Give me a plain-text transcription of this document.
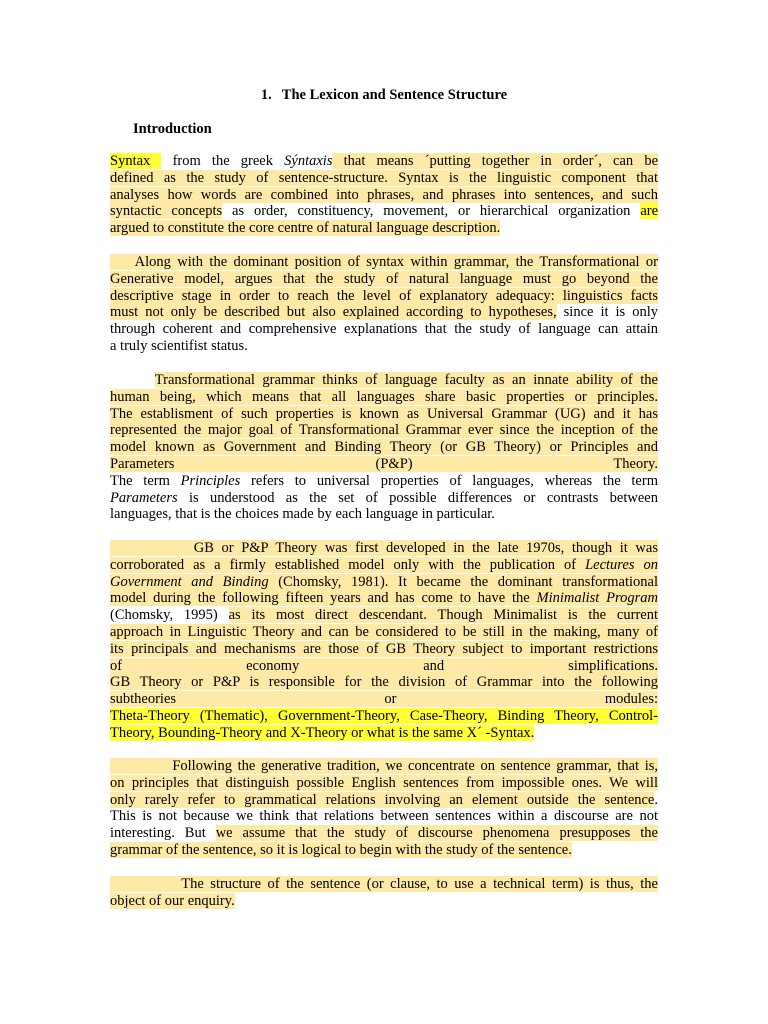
1. The Lexicon and Sentence Structure
Introduction
Syntax  from the greek Sýntaxis that means ´putting together in order´, can be
defined as the study of sentence-structure. Syntax is the linguistic component that
analyses how words are combined into phrases, and phrases into sentences, and such
syntactic concepts as order, constituency, movement, or hierarchical organization are
argued to constitute the core centre of natural language description.
Along with the dominant position of syntax within grammar, the Transformational or
Generative model, argues that the study of natural language must go beyond the
descriptive stage in order to reach the level of explanatory adequacy: linguistics facts
must not only be described but also explained according to hypotheses, since it is only
through coherent and comprehensive explanations that the study of language can attain
a truly scientifist status.
Transformational grammar thinks of language faculty as an innate ability of the
human being, which means that all languages share basic properties or principles.
The establisment of such properties is known as Universal Grammar (UG) and it has
represented the major goal of Transformational Grammar ever since the inception of the
model known as Government and Binding Theory (or GB Theory) or Principles and
Parameters (P&P) Theory.
The term Principles refers to universal properties of languages, whereas the term
Parameters is understood as the set of possible differences or contrasts between
languages, that is the choices made by each language in particular.
GB or P&P Theory was first developed in the late 1970s, though it was
corroborated as a firmly established model only with the publication of Lectures on
Government and Binding (Chomsky, 1981). It became the dominant transformational
model during the following fifteen years and has come to have the Minimalist Program
(Chomsky, 1995) as its most direct descendant. Though Minimalist is the current
approach in Linguistic Theory and can be considered to be still in the making, many of
its principals and mechanisms are those of GB Theory subject to important restrictions
of economy and simplifications.
GB Theory or P&P is responsible for the division of Grammar into the following
subtheories or modules:
Theta-Theory (Thematic), Government-Theory, Case-Theory, Binding Theory, Control-
Theory, Bounding-Theory and X-Theory or what is the same X´ -Syntax.
Following the generative tradition, we concentrate on sentence grammar, that is,
on principles that distinguish possible English sentences from impossible ones. We will
only rarely refer to grammatical relations involving an element outside the sentence.
This is not because we think that relations between sentences within a discourse are not
interesting. But we assume that the study of discourse phenomena presupposes the
grammar of the sentence, so it is logical to begin with the study of the sentence.
The structure of the sentence (or clause, to use a technical term) is thus, the
object of our enquiry.
